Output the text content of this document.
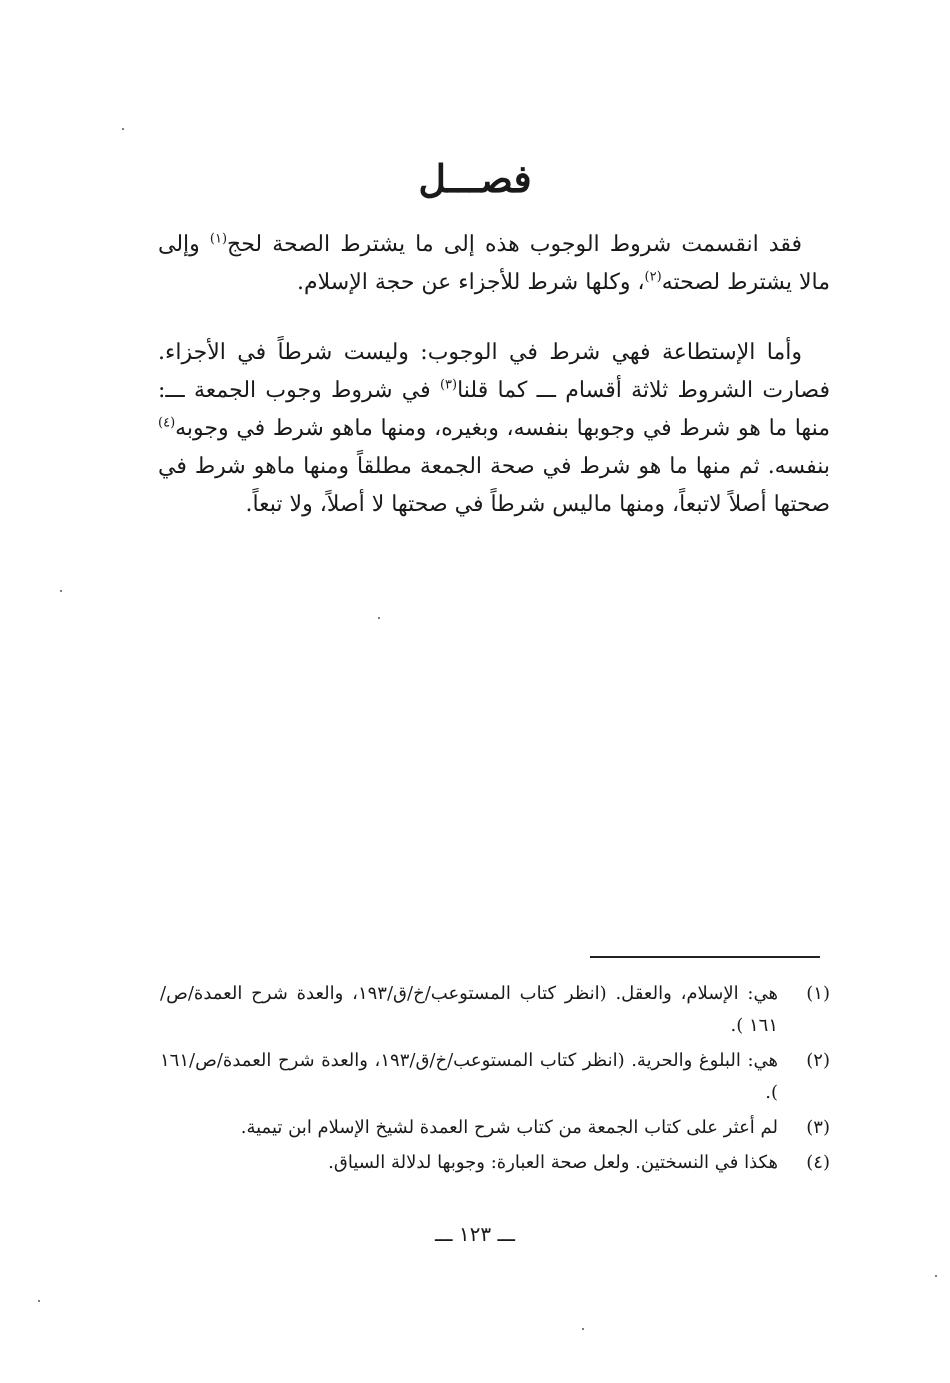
فصـــل

فقد انقسمت شروط الوجوب هذه إلى ما يشترط الصحة لحج$^{(١)}$ وإلى مالا يشترط لصحته$^{(٢)}$، وكلها شرط للأجزاء عن حجة الإسلام.

وأما الإستطاعة فهي شرط في الوجوب: وليست شرطاً في الأجزاء. فصارت الشروط ثلاثة أقسام ـــ كما قلنا$^{(٣)}$ في شروط وجوب الجمعة ـــ: منها ما هو شرط في وجوبها بنفسه، وبغيره، ومنها ماهو شرط في وجوبه$^{(٤)}$ بنفسه. ثم منها ما هو شرط في صحة الجمعة مطلقاً ومنها ماهو شرط في صحتها أصلاً لاتبعاً، ومنها ماليس شرطاً في صحتها لا أصلاً، ولا تبعاً.

(١)
هي: الإسلام، والعقل. (انظر كتاب المستوعب/خ/ق/١٩٣، والعدة شرح العمدة/ص/١٦١ ).
(٢)
هي: البلوغ والحرية. (انظر كتاب المستوعب/خ/ق/١٩٣، والعدة شرح العمدة/ص/١٦١ ).
(٣)
لم أعثر على كتاب الجمعة من كتاب شرح العمدة لشيخ الإسلام ابن تيمية.
(٤)
هكذا في النسختين. ولعل صحة العبارة: وجوبها لدلالة السياق.
ـــ ١٢٣ ـــ
